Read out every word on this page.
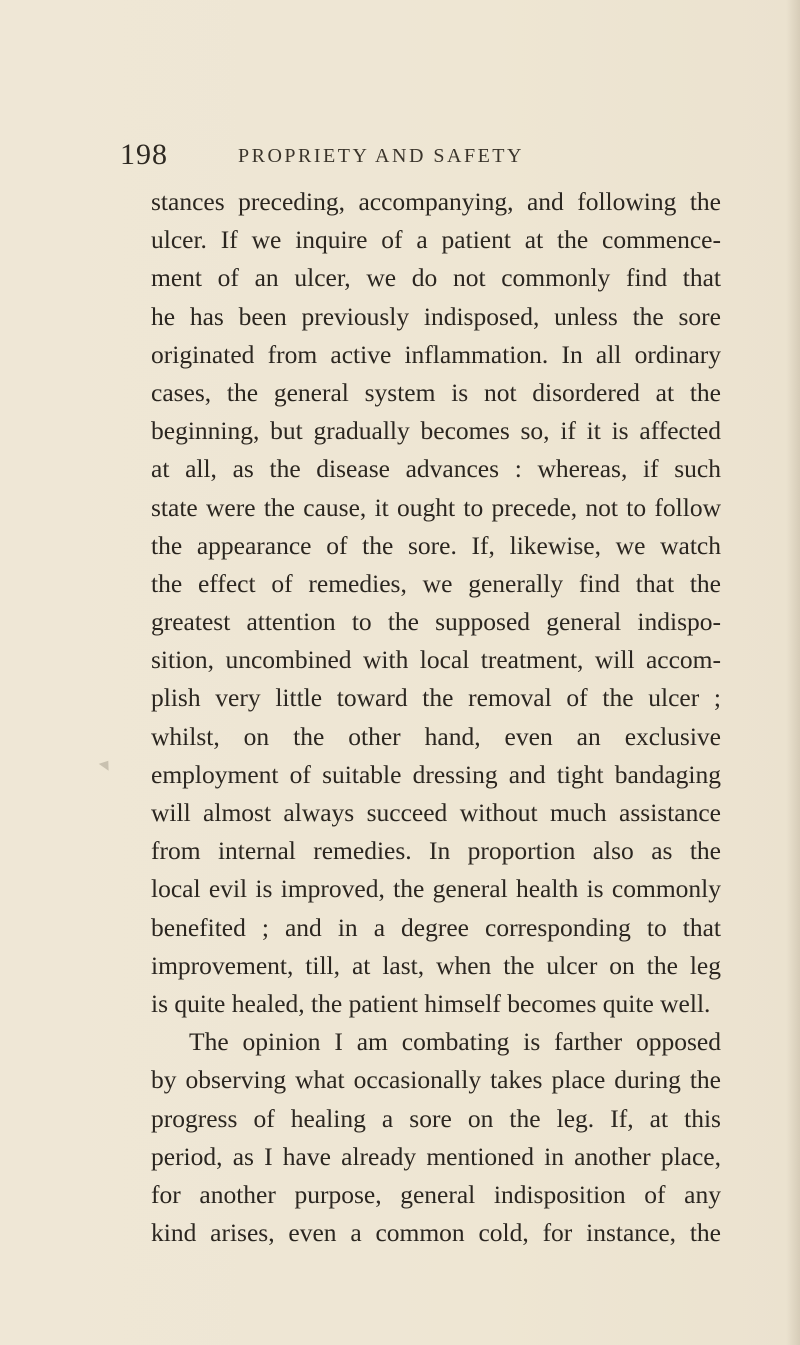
198	PROPRIETY AND SAFETY
stances preceding, accompanying, and following the
ulcer. If we inquire of a patient at the commence-
ment of an ulcer, we do not commonly find that
he has been previously indisposed, unless the sore
originated from active inflammation. In all ordinary
cases, the general system is not disordered at the
beginning, but gradually becomes so, if it is affected
at all, as the disease advances : whereas, if such
state were the cause, it ought to precede, not to follow
the appearance of the sore. If, likewise, we watch
the effect of remedies, we generally find that the
greatest attention to the supposed general indispo-
sition, uncombined with local treatment, will accom-
plish very little toward the removal of the ulcer ;
whilst, on the other hand, even an exclusive
employment of suitable dressing and tight bandaging
will almost always succeed without much assistance
from internal remedies. In proportion also as the
local evil is improved, the general health is commonly
benefited ; and in a degree corresponding to that
improvement, till, at last, when the ulcer on the leg
is quite healed, the patient himself becomes quite well.
The opinion I am combating is farther opposed
by observing what occasionally takes place during the
progress of healing a sore on the leg. If, at this
period, as I have already mentioned in another place,
for another purpose, general indisposition of any
kind arises, even a common cold, for instance, the
